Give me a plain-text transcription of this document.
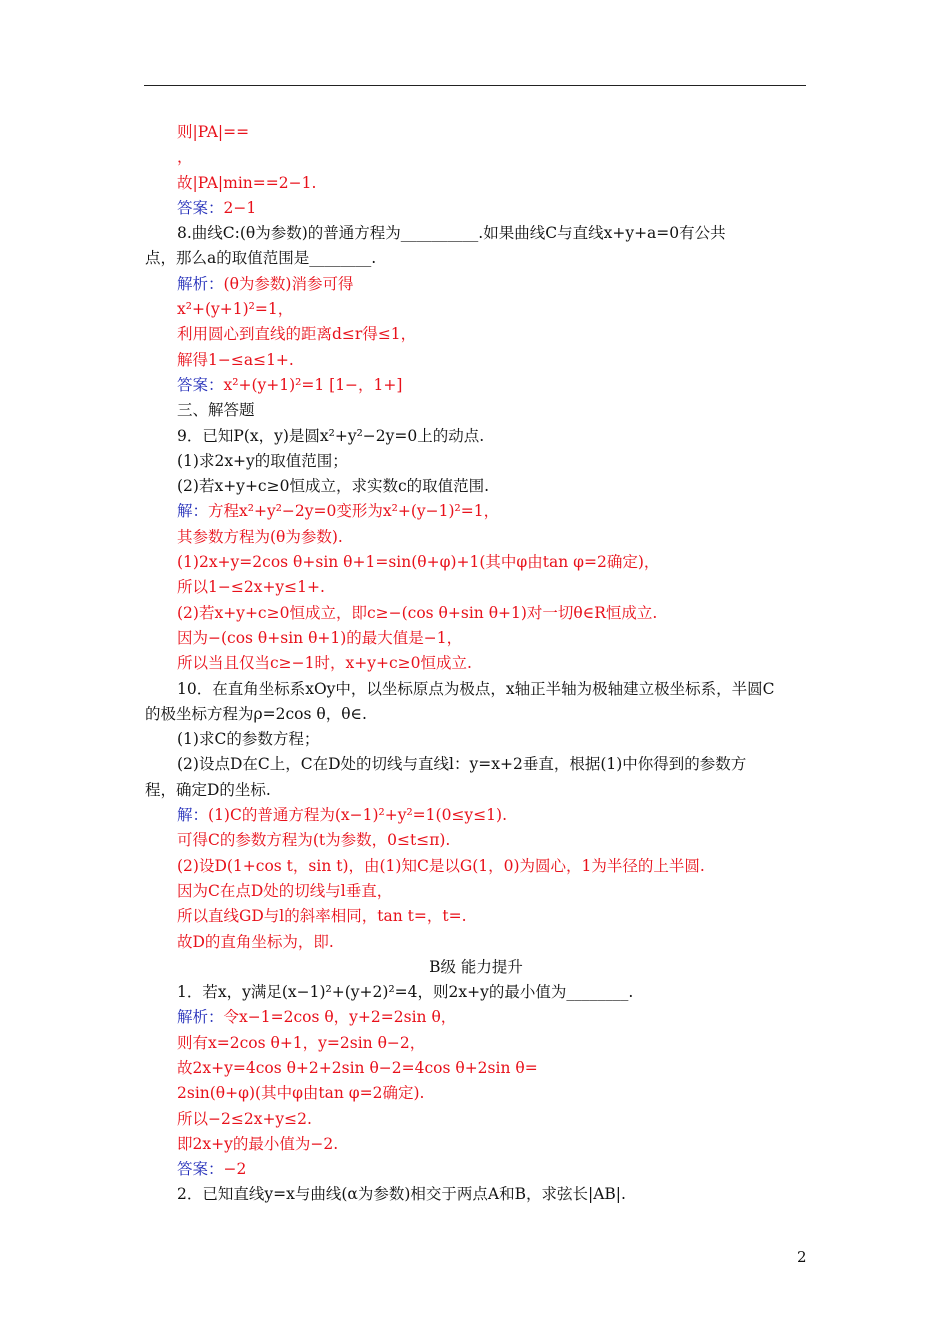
则|PA|==
，
故|PA|min==2−1.
答案：2−1
8.曲线C:(θ为参数)的普通方程为__________.如果曲线C与直线x+y+a=0有公共
点，那么a的取值范围是________.
解析：(θ为参数)消参可得
x²+(y+1)²=1，
利用圆心到直线的距离d≤r得≤1，
解得1−≤a≤1+.
答案：x²+(y+1)²=1 [1−，1+]
三、解答题
9．已知P(x，y)是圆x²+y²−2y=0上的动点.
(1)求2x+y的取值范围；
(2)若x+y+c≥0恒成立，求实数c的取值范围.
解：方程x²+y²−2y=0变形为x²+(y−1)²=1，
其参数方程为(θ为参数).
(1)2x+y=2cos θ+sin θ+1=sin(θ+φ)+1(其中φ由tan φ=2确定)，
所以1−≤2x+y≤1+.
(2)若x+y+c≥0恒成立，即c≥−(cos θ+sin θ+1)对一切θ∈R恒成立.
因为−(cos θ+sin θ+1)的最大值是−1，
所以当且仅当c≥−1时，x+y+c≥0恒成立.
10．在直角坐标系xOy中，以坐标原点为极点，x轴正半轴为极轴建立极坐标系，半圆C
的极坐标方程为ρ=2cos θ，θ∈.
(1)求C的参数方程；
(2)设点D在C上，C在D处的切线与直线l：y=x+2垂直，根据(1)中你得到的参数方
程，确定D的坐标.
解：(1)C的普通方程为(x−1)²+y²=1(0≤y≤1).
可得C的参数方程为(t为参数，0≤t≤π).
(2)设D(1+cos t，sin t)，由(1)知C是以G(1，0)为圆心，1为半径的上半圆.
因为C在点D处的切线与l垂直，
所以直线GD与l的斜率相同，tan t=，t=.
故D的直角坐标为，即.
B级 能力提升
1．若x，y满足(x−1)²+(y+2)²=4，则2x+y的最小值为________.
解析：令x−1=2cos θ，y+2=2sin θ，
则有x=2cos θ+1，y=2sin θ−2，
故2x+y=4cos θ+2+2sin θ−2=4cos θ+2sin θ=
2sin(θ+φ)(其中φ由tan φ=2确定).
所以−2≤2x+y≤2.
即2x+y的最小值为−2.
答案：−2
2．已知直线y=x与曲线(α为参数)相交于两点A和B，求弦长|AB|.
2
